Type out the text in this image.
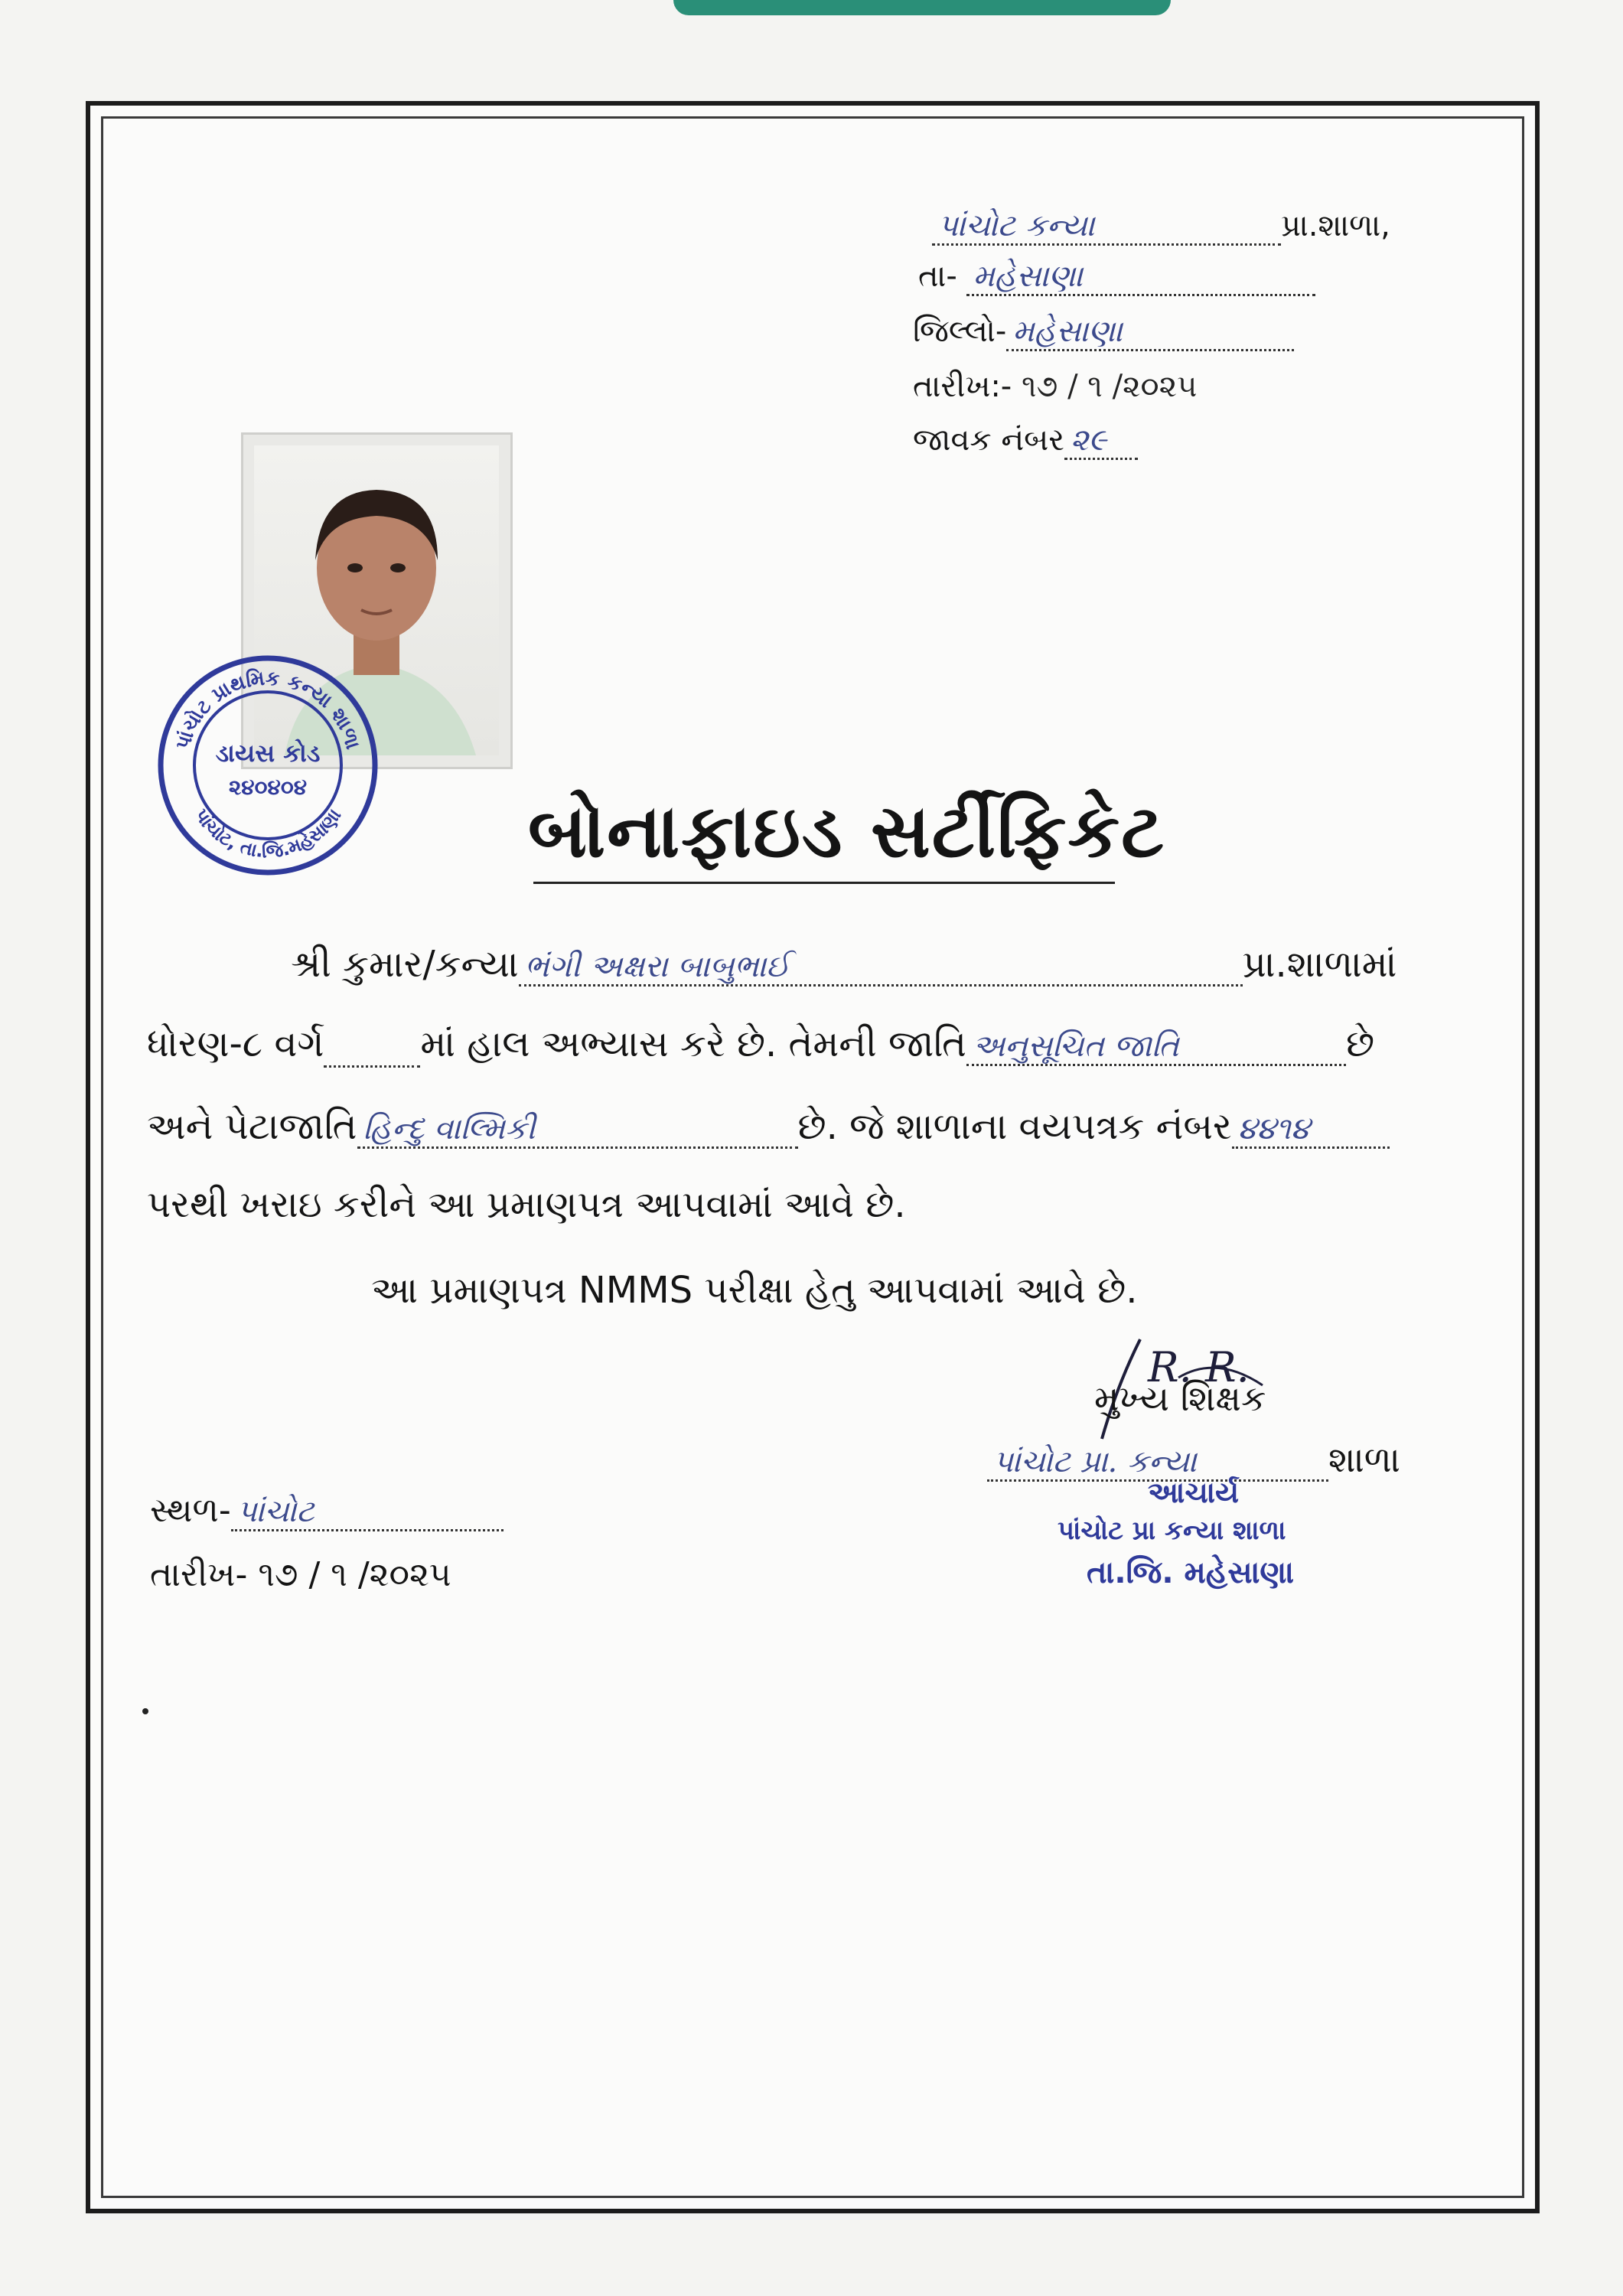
પાંચોટ કન્યા	પ્રા.શાળા,
તા- મહેસાણા
જિલ્લો- મહેસાણા
તારીખ:- ૧૭ / ૧ /૨૦૨૫
જાવક નંબર ૨૯
પાંચોટ પ્રાથમિક કન્યા શાળા
પાંચોટ, તા.જિ.મહેસાણા
ડાયસ કોડ
૨૪૦૪૦૪
બોનાફાઇડ સર્ટીફિકેટ
શ્રી કુમાર/કન્યા ભંગી અક્ષરા બાબુભાઈ	પ્રા.શાળામાં
ધોરણ-૮ વર્ગ	માં હાલ અભ્યાસ કરે છે. તેમની જાતિ અનુસૂચિત જાતિ	છે
અને પેટાજાતિ હિન્દુ વાલ્મિકી	છે. જે શાળાના વયપત્રક નંબર ૪૪૧૪
પરથી ખરાઇ કરીને આ પ્રમાણપત્ર આપવામાં આવે છે.
આ પ્રમાણપત્ર NMMS પરીક્ષા હેતુ આપવામાં આવે છે.
R. R.
મુખ્ય શિક્ષક
પાંચોટ પ્રા. કન્યા	શાળા
આચાર્ય
પાંચોટ પ્રા કન્યા શાળા
તા.જિ. મહેસાણા
સ્થળ- પાંચોટ
તારીખ- ૧૭ / ૧ /૨૦૨૫
